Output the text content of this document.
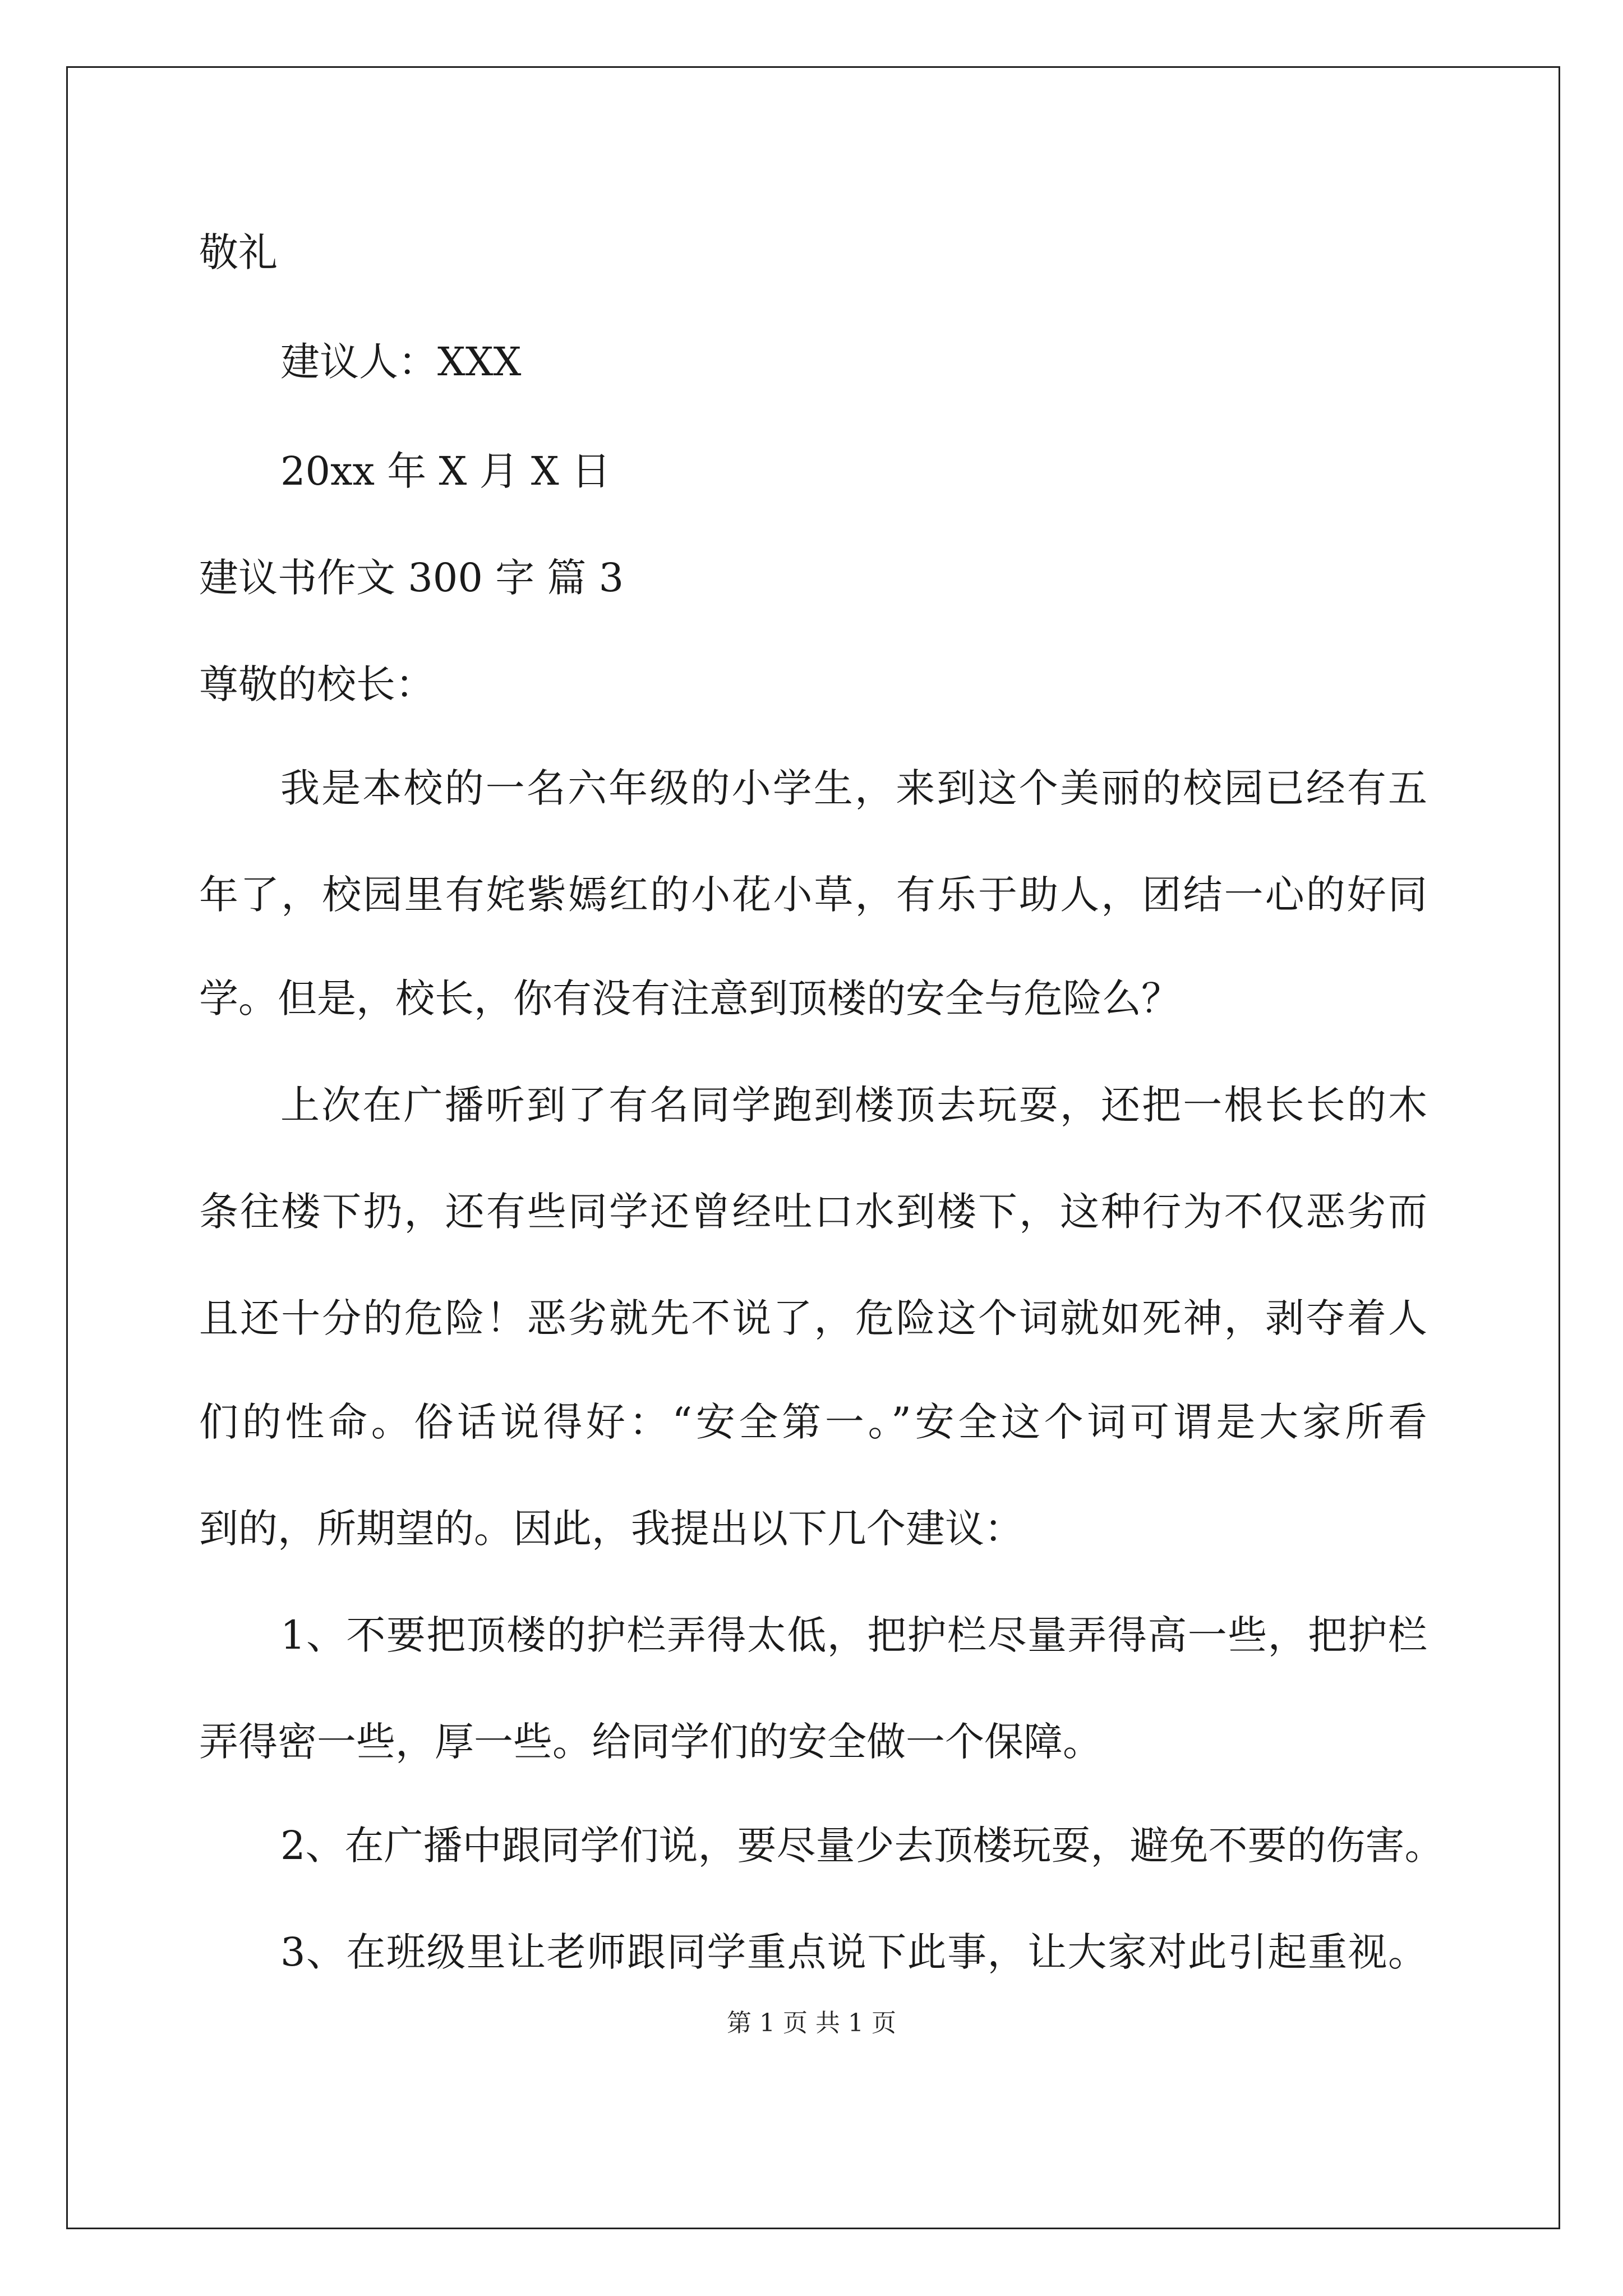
敬礼
建议人：XXX
20xx 年 X 月 X 日
建议书作文 300 字 篇 3
尊敬的校长：
我是本校的一名六年级的小学生，来到这个美丽的校园已经有五
年了，校园里有姹紫嫣红的小花小草，有乐于助人，团结一心的好同
学。但是，校长，你有没有注意到顶楼的安全与危险么？
上次在广播听到了有名同学跑到楼顶去玩耍，还把一根长长的木
条往楼下扔，还有些同学还曾经吐口水到楼下，这种行为不仅恶劣而
且还十分的危险！恶劣就先不说了，危险这个词就如死神，剥夺着人
们的性命。俗话说得好：“安全第一。”安全这个词可谓是大家所看
到的，所期望的。因此，我提出以下几个建议：
1、不要把顶楼的护栏弄得太低，把护栏尽量弄得高一些，把护栏
弄得密一些，厚一些。给同学们的安全做一个保障。
2、在广播中跟同学们说，要尽量少去顶楼玩耍，避免不要的伤害。
3、在班级里让老师跟同学重点说下此事，让大家对此引起重视。
第 1 页 共 1 页
